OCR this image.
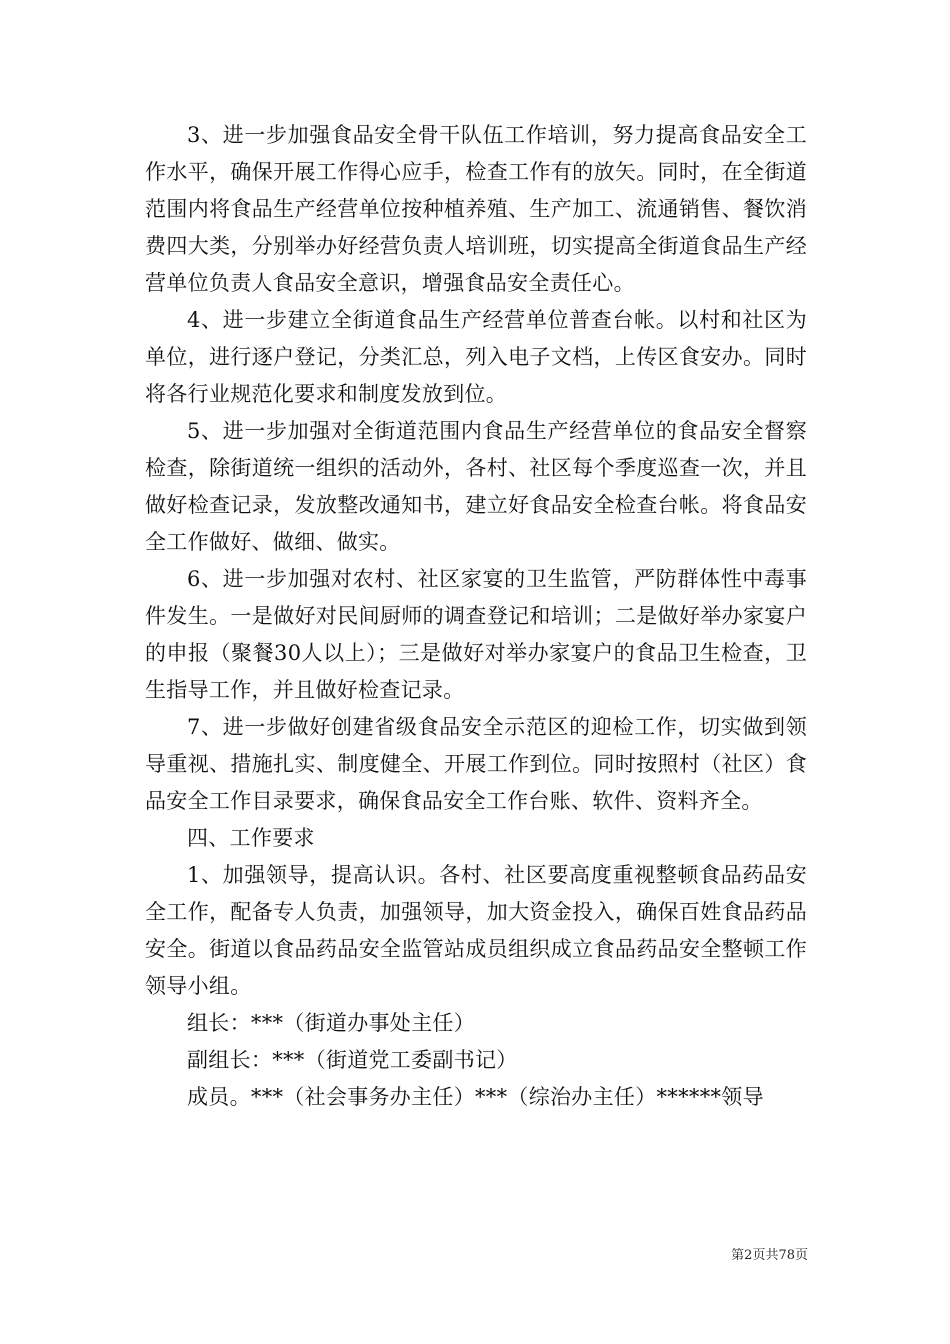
3、进一步加强食品安全骨干队伍工作培训，努力提高食品安全工作水平，确保开展工作得心应手，检查工作有的放矢。同时，在全街道范围内将食品生产经营单位按种植养殖、生产加工、流通销售、餐饮消费四大类，分别举办好经营负责人培训班，切实提高全街道食品生产经营单位负责人食品安全意识，增强食品安全责任心。

4、进一步建立全街道食品生产经营单位普查台帐。以村和社区为单位，进行逐户登记，分类汇总，列入电子文档，上传区食安办。同时将各行业规范化要求和制度发放到位。

5、进一步加强对全街道范围内食品生产经营单位的食品安全督察检查，除街道统一组织的活动外，各村、社区每个季度巡查一次，并且做好检查记录，发放整改通知书，建立好食品安全检查台帐。将食品安全工作做好、做细、做实。

6、进一步加强对农村、社区家宴的卫生监管，严防群体性中毒事件发生。一是做好对民间厨师的调查登记和培训；二是做好举办家宴户的申报（聚餐30人以上）；三是做好对举办家宴户的食品卫生检查，卫生指导工作，并且做好检查记录。

7、进一步做好创建省级食品安全示范区的迎检工作，切实做到领导重视、措施扎实、制度健全、开展工作到位。同时按照村（社区）食品安全工作目录要求，确保食品安全工作台账、软件、资料齐全。

四、工作要求

1、加强领导，提高认识。各村、社区要高度重视整顿食品药品安全工作，配备专人负责，加强领导，加大资金投入，确保百姓食品药品安全。街道以食品药品安全监管站成员组织成立食品药品安全整顿工作领导小组。

组长：***（街道办事处主任）

副组长：***（街道党工委副书记）

成员。***（社会事务办主任）***（综治办主任）******领导

第2页共78页
